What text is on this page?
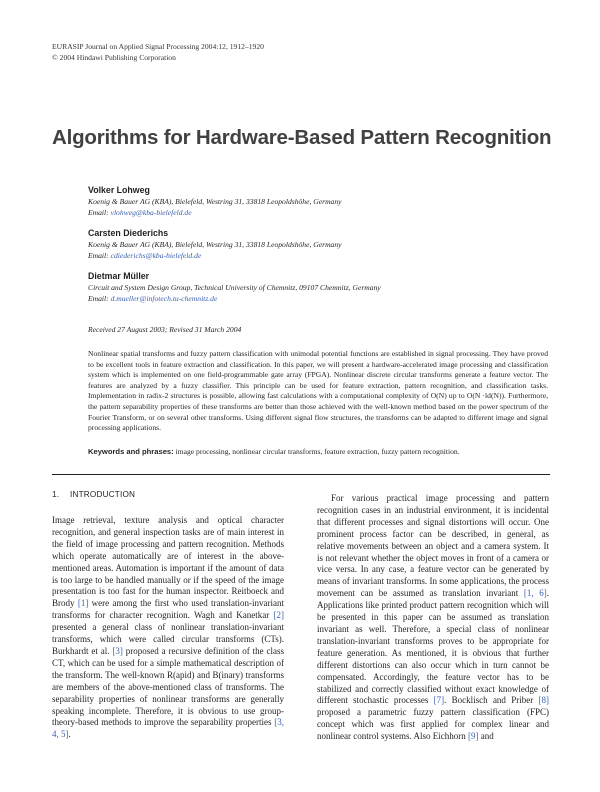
EURASIP Journal on Applied Signal Processing 2004:12, 1912–1920
© 2004 Hindawi Publishing Corporation
Algorithms for Hardware-Based Pattern Recognition
Volker Lohweg
Koenig & Bauer AG (KBA), Bielefeld, Westring 31, 33818 Leopoldshöhe, Germany
Email: vlohweg@kba-bielefeld.de
Carsten Diederichs
Koenig & Bauer AG (KBA), Bielefeld, Westring 31, 33818 Leopoldshöhe, Germany
Email: cdiederichs@kba-bielefeld.de
Dietmar Müller
Circuit and System Design Group, Technical University of Chemnitz, 09107 Chemnitz, Germany
Email: d.mueller@infotech.tu-chemnitz.de
Received 27 August 2003; Revised 31 March 2004
Nonlinear spatial transforms and fuzzy pattern classification with unimodal potential functions are established in signal processing. They have proved to be excellent tools in feature extraction and classification. In this paper, we will present a hardware-accelerated image processing and classification system which is implemented on one field-programmable gate array (FPGA). Nonlinear discrete circular transforms generate a feature vector. The features are analyzed by a fuzzy classifier. This principle can be used for feature extraction, pattern recognition, and classification tasks. Implementation in radix-2 structures is possible, allowing fast calculations with a computational complexity of O(N) up to O(N ·ld(N)). Furthermore, the pattern separability properties of these transforms are better than those achieved with the well-known method based on the power spectrum of the Fourier Transform, or on several other transforms. Using different signal flow structures, the transforms can be adapted to different image and signal processing applications.
Keywords and phrases: image processing, nonlinear circular transforms, feature extraction, fuzzy pattern recognition.
1. INTRODUCTION

Image retrieval, texture analysis and optical character recognition, and general inspection tasks are of main interest in the field of image processing and pattern recognition. Methods which operate automatically are of interest in the above-mentioned areas. Automation is important if the amount of data is too large to be handled manually or if the speed of the image presentation is too fast for the human inspector. Reitboeck and Brody [1] were among the first who used translation-invariant transforms for character recognition. Wagh and Kanetkar [2] presented a general class of nonlinear translation-invariant transforms, which were called circular transforms (CTs). Burkhardt et al. [3] proposed a recursive definition of the class CT, which can be used for a simple mathematical description of the transform. The well-known R(apid) and B(inary) transforms are members of the above-mentioned class of transforms. The separability properties of nonlinear transforms are generally speaking incomplete. Therefore, it is obvious to use group-theory-based methods to improve the separability properties [3, 4, 5].

For various practical image processing and pattern recognition cases in an industrial environment, it is incidental that different processes and signal distortions will occur. One prominent process factor can be described, in general, as relative movements between an object and a camera system. It is not relevant whether the object moves in front of a camera or vice versa. In any case, a feature vector can be generated by means of invariant transforms. In some applications, the process movement can be assumed as translation invariant [1, 6]. Applications like printed product pattern recognition which will be presented in this paper can be assumed as translation invariant as well. Therefore, a special class of nonlinear translation-invariant transforms proves to be appropriate for feature generation. As mentioned, it is obvious that further different distortions can also occur which in turn cannot be compensated. Accordingly, the feature vector has to be stabilized and correctly classified without exact knowledge of different stochastic processes [7]. Bocklisch and Priber [8] proposed a parametric fuzzy pattern classification (FPC) concept which was first applied for complex linear and nonlinear control systems. Also Eichhorn [9] and
